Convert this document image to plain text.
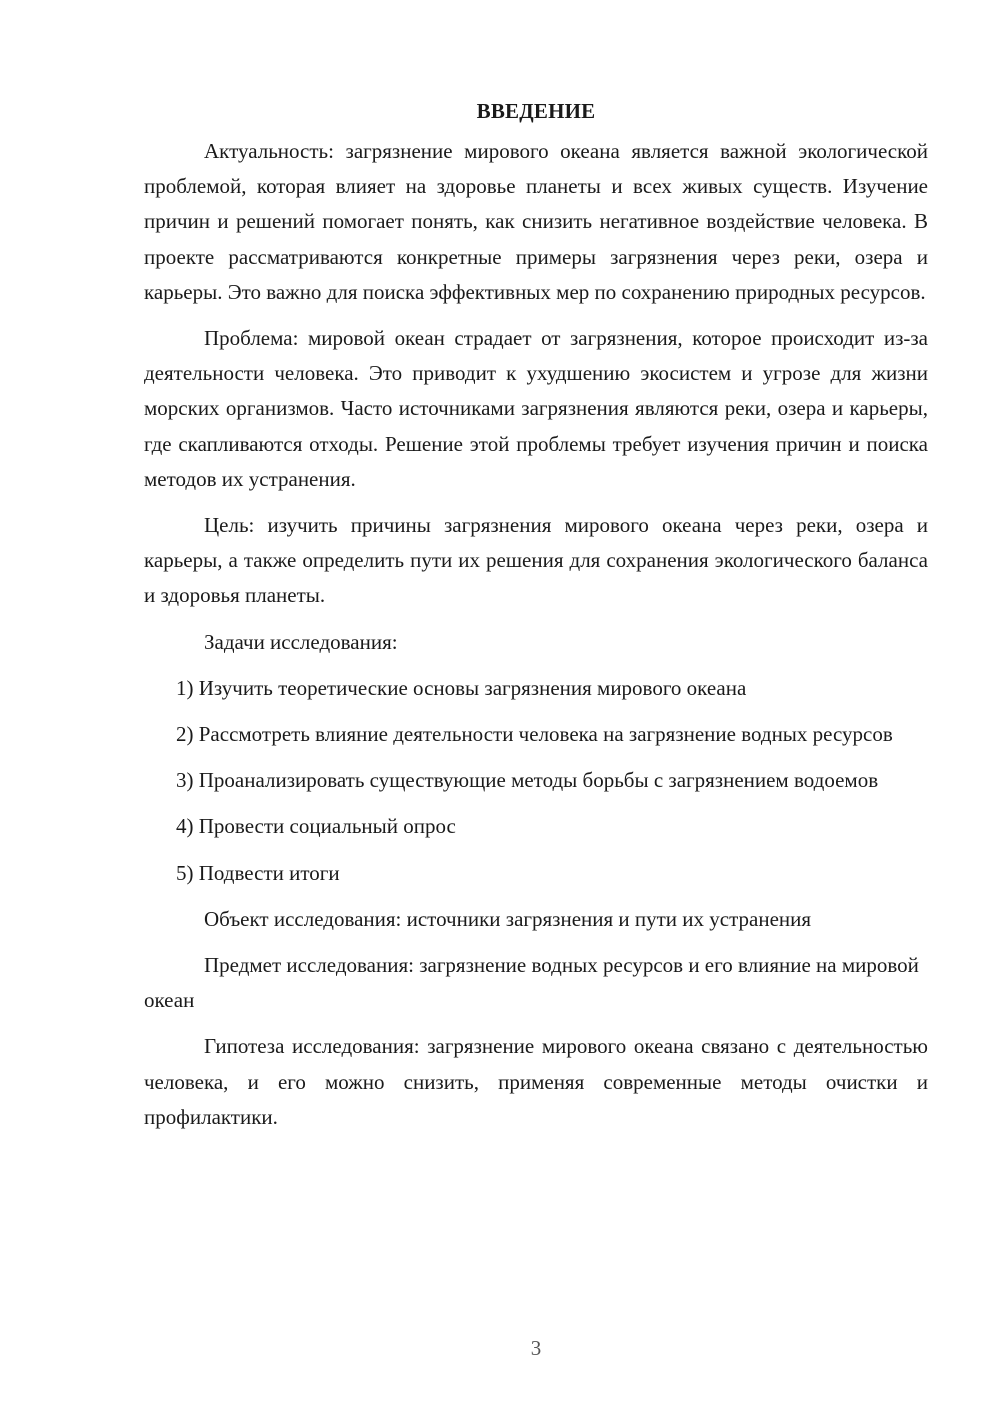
ВВЕДЕНИЕ

Актуальность: загрязнение мирового океана является важной экологической проблемой, которая влияет на здоровье планеты и всех живых существ. Изучение причин и решений помогает понять, как снизить негативное воздействие человека. В проекте рассматриваются конкретные примеры загрязнения через реки, озера и карьеры. Это важно для поиска эффективных мер по сохранению природных ресурсов.

Проблема: мировой океан страдает от загрязнения, которое происходит из-за деятельности человека. Это приводит к ухудшению экосистем и угрозе для жизни морских организмов. Часто источниками загрязнения являются реки, озера и карьеры, где скапливаются отходы. Решение этой проблемы требует изучения причин и поиска методов их устранения.

Цель: изучить причины загрязнения мирового океана через реки, озера и карьеры, а также определить пути их решения для сохранения экологического баланса и здоровья планеты.

Задачи исследования:

1) Изучить теоретические основы загрязнения мирового океана

2) Рассмотреть влияние деятельности человека на загрязнение водных ресурсов

3) Проанализировать существующие методы борьбы с загрязнением водоемов

4) Провести социальный опрос

5) Подвести итоги

Объект исследования: источники загрязнения и пути их устранения

Предмет исследования: загрязнение водных ресурсов и его влияние на мировой океан

Гипотеза исследования: загрязнение мирового океана связано с деятельностью человека, и его можно снизить, применяя современные методы очистки и профилактики.

3
